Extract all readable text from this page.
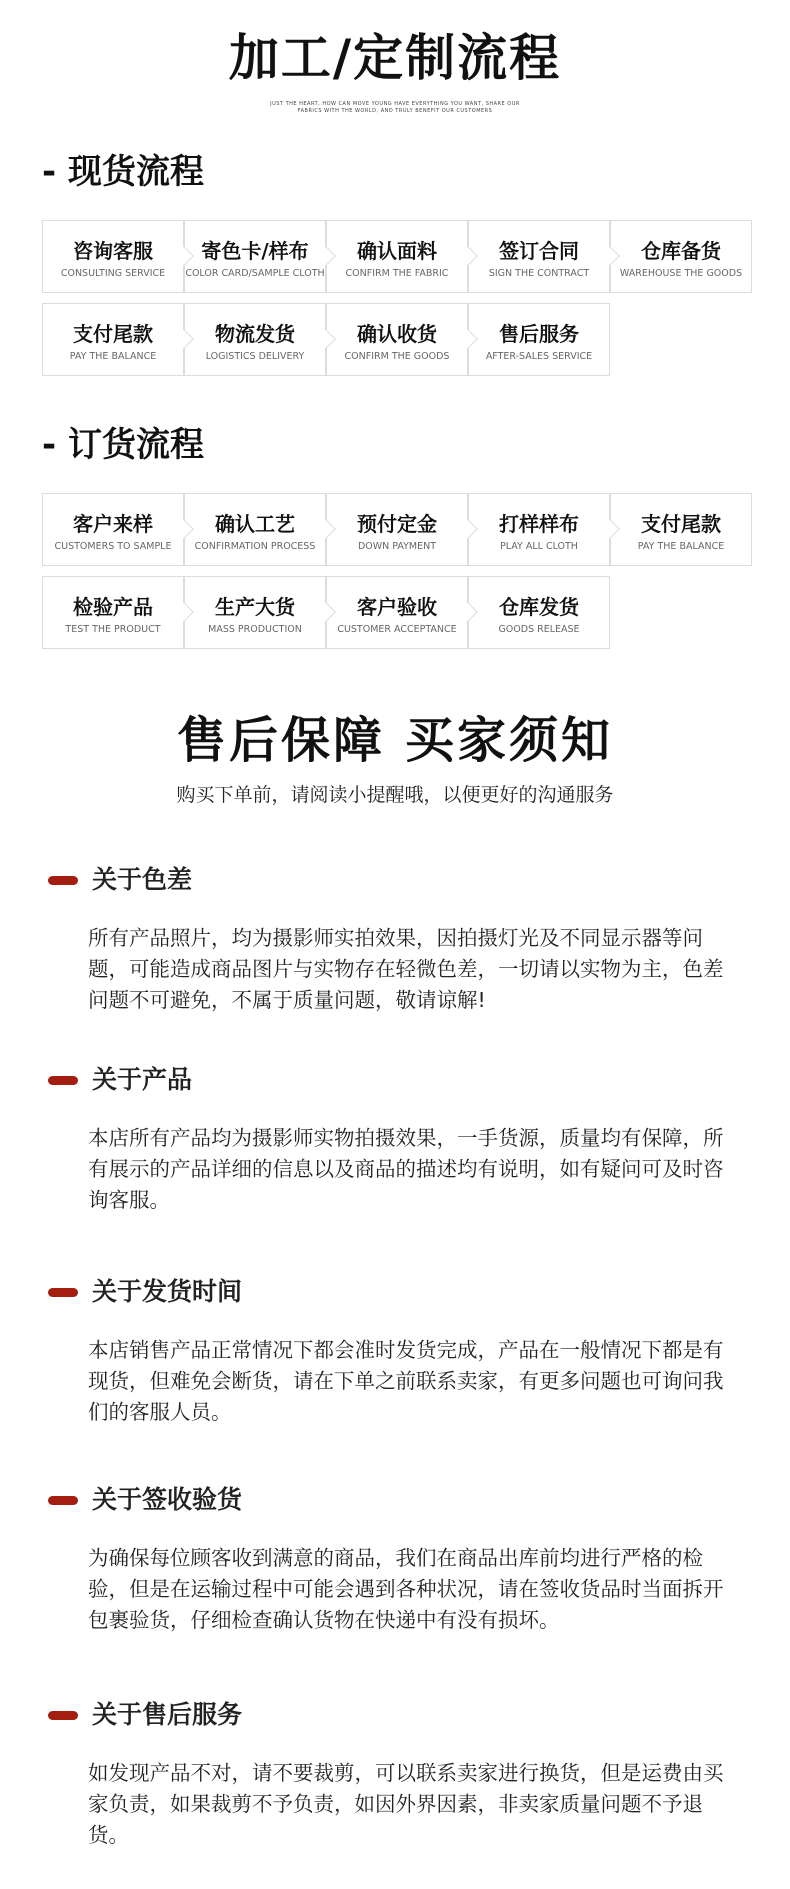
加工/定制流程
JUST THE HEART, HOW CAN MOVE YOUNG HAVE EVERYTHING YOU WANT, SHARE OUR
FABRICS WITH THE WORLD, AND TRULY BENEFIT OUR CUSTOMERS
- 现货流程
咨询客服
CONSULTING SERVICE
寄色卡/样布
COLOR CARD/SAMPLE CLOTH
确认面料
CONFIRM THE FABRIC
签订合同
SIGN THE CONTRACT
仓库备货
WAREHOUSE THE GOODS
支付尾款
PAY THE BALANCE
物流发货
LOGISTICS DELIVERY
确认收货
CONFIRM THE GOODS
售后服务
AFTER-SALES SERVICE
- 订货流程
客户来样
CUSTOMERS TO SAMPLE
确认工艺
CONFIRMATION PROCESS
预付定金
DOWN PAYMENT
打样样布
PLAY ALL CLOTH
支付尾款
PAY THE BALANCE
检验产品
TEST THE PRODUCT
生产大货
MASS PRODUCTION
客户验收
CUSTOMER ACCEPTANCE
仓库发货
GOODS RELEASE
售后保障 买家须知
购买下单前，请阅读小提醒哦，以便更好的沟通服务
关于色差
所有产品照片，均为摄影师实拍效果，因拍摄灯光及不同显示器等问题，可能造成商品图片与实物存在轻微色差，一切请以实物为主，色差问题不可避免，不属于质量问题，敬请谅解!
关于产品
本店所有产品均为摄影师实物拍摄效果，一手货源，质量均有保障，所有展示的产品详细的信息以及商品的描述均有说明，如有疑问可及时咨询客服。
关于发货时间
本店销售产品正常情况下都会准时发货完成，产品在一般情况下都是有现货，但难免会断货，请在下单之前联系卖家，有更多问题也可询问我们的客服人员。
关于签收验货
为确保每位顾客收到满意的商品，我们在商品出库前均进行严格的检验，但是在运输过程中可能会遇到各种状况，请在签收货品时当面拆开包裹验货，仔细检查确认货物在快递中有没有损坏。
关于售后服务
如发现产品不对，请不要裁剪，可以联系卖家进行换货，但是运费由买家负责，如果裁剪不予负责，如因外界因素，非卖家质量问题不予退货。
